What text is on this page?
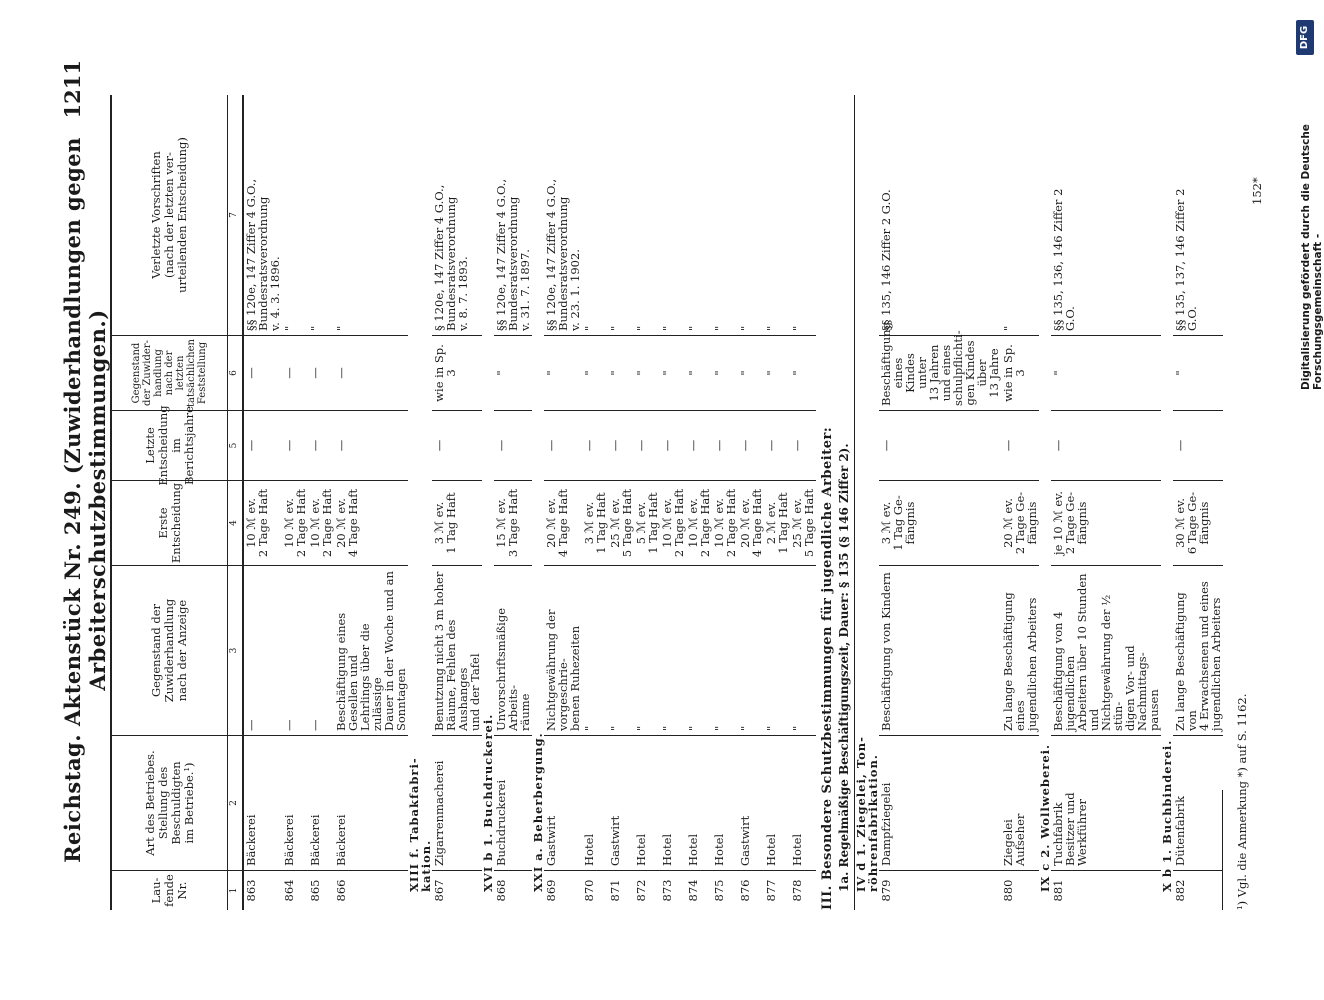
Reichstag. Aktenstück Nr. 249. (Zuwiderhandlungen gegen Arbeiterschutzbestimmungen.)
1211
Lau-
fende
Nr.
Art des Betriebes.
Stellung des Beschuldigten
im Betriebe.¹)
Gegenstand der Zuwiderhandlung
nach der Anzeige
Erste
Entscheidung
Letzte
Entscheidung
im
Berichtsjahre
Gegenstand
der Zuwider-
handlung
nach der letzten
tatsächlichen
Feststellung
Verletzte Vorschriften
(nach der letzten ver-
urteilenden Entscheidung)
1
2
3
4
5
6
7
863
Bäckerei
—
10 ℳ ev.
2 Tage Haft
—
—
§§ 120e, 147 Ziffer 4 G.O.,
Bundesratsverordnung
v. 4. 3. 1896.
864
Bäckerei
—
10 ℳ ev.
2 Tage Haft
—
—
"
865
Bäckerei
—
10 ℳ ev.
2 Tage Haft
—
—
"
866
Bäckerei
Beschäftigung eines Gesellen und
Lehrlings über die zulässige
Dauer in der Woche und an
Sonntagen
20 ℳ ev.
4 Tage Haft
—
—
"
XIII f. Tabakfabri-
kation. 867
Zigarrenmacherei
Benutzung nicht 3 m hoher
Räume, Fehlen des Aushanges
und der Tafel
3 ℳ ev.
1 Tag Haft
—
wie in Sp. 3
§ 120e, 147 Ziffer 4 G.O.,
Bundesratsverordnung
v. 8. 7. 1893.
XVI b 1. Buchdruckerei. 868
Buchdruckerei
Unvorschriftsmäßige Arbeits-
räume
15 ℳ ev.
3 Tage Haft
—
"
§§ 120e, 147 Ziffer 4 G.O.,
Bundesratsverordnung
v. 31. 7. 1897.
XXI a. Beherbergung. 869
Gastwirt
Nichtgewährung der vorgeschrie-
benen Ruhezeiten
20 ℳ ev.
4 Tage Haft
—
"
§§ 120e, 147 Ziffer 4 G.O.,
Bundesratsverordnung
v. 23. 1. 1902.
870
Hotel
"
3 ℳ ev.
1 Tag Haft
—
"
"
871
Gastwirt
"
25 ℳ ev.
5 Tage Haft
—
"
"
872
Hotel
"
5 ℳ ev.
1 Tag Haft
—
"
"
873
Hotel
"
10 ℳ ev.
2 Tage Haft
—
"
"
874
Hotel
"
10 ℳ ev.
2 Tage Haft
—
"
"
875
Hotel
"
10 ℳ ev.
2 Tage Haft
—
"
"
876
Gastwirt
"
20 ℳ ev.
4 Tage Haft
—
"
"
877
Hotel
"
2 ℳ ev.
1 Tag Haft
—
"
"
878
Hotel
"
25 ℳ ev.
5 Tage Haft
—
"
"
III. Besondere Schutzbestimmungen für jugendliche Arbeiter: 1a. Regelmäßige Beschäftigungszeit, Dauer: § 135 (§ 146 Ziffer 2). IV d 1. Ziegelei, Ton-
röhrenfabrikation. 879
Dampfziegelei
Beschäftigung von Kindern
3 ℳ ev.
1 Tag Ge-
fängnis
—
Beschäftigung
eines Kindes
unter
13 Jahren
und eines
schulpflichti-
gen Kindes
über
13 Jahre
§§ 135, 146 Ziffer 2 G.O.
880
Ziegelei
Aufseher
Zu lange Beschäftigung eines
jugendlichen Arbeiters
20 ℳ ev.
2 Tage Ge-
fängnis
—
wie in Sp. 3
"
IX c 2. Wollweberei. 881
Tuchfabrik
Besitzer und Werkführer
Beschäftigung von 4 jugendlichen
Arbeitern über 10 Stunden und
Nichtgewährung der ½ stün-
digen Vor- und Nachmittags-
pausen
je 10 ℳ ev.
2 Tage Ge-
fängnis
—
"
§§ 135, 136, 146 Ziffer 2
G.O.
X b 1. Buchbinderei. 882
Dütenfabrik
Zu lange Beschäftigung von
4 Erwachsenen und eines
jugendlichen Arbeiters
30 ℳ ev.
6 Tage Ge-
fängnis
—
"
§§ 135, 137, 146 Ziffer 2
G.O.
¹) Vgl. die Anmerkung *) auf S. 1162.
152*	Digitalisierung gefördert durch die Deutsche Forschungsgemeinschaft -
DFG
